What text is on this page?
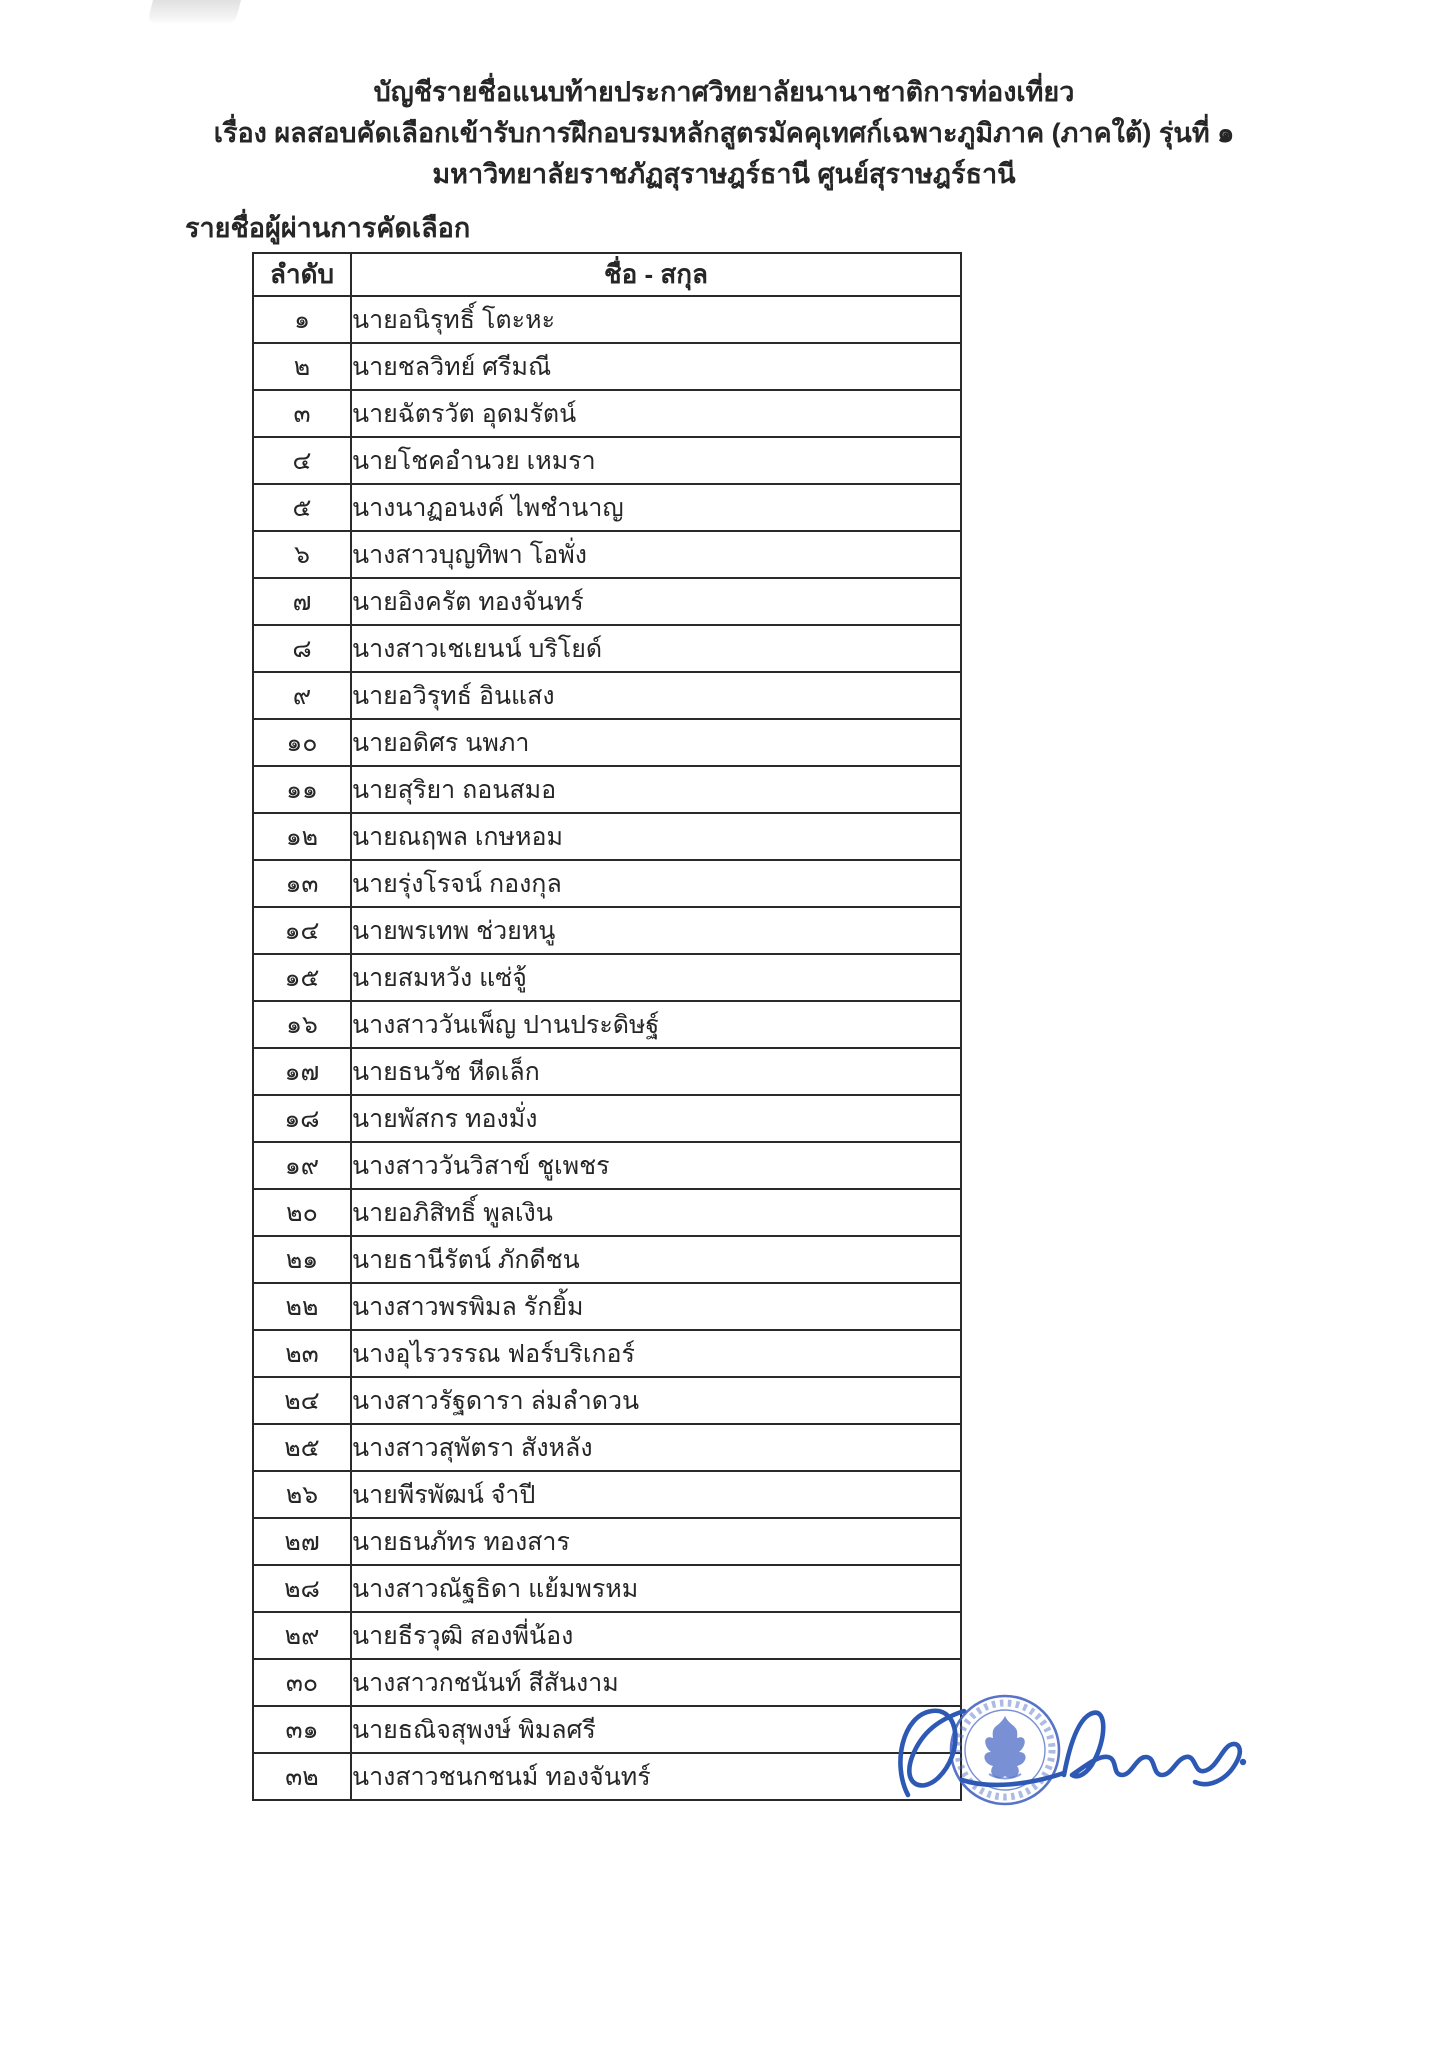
บัญชีรายชื่อแนบท้ายประกาศวิทยาลัยนานาชาติการท่องเที่ยว
เรื่อง ผลสอบคัดเลือกเข้ารับการฝึกอบรมหลักสูตรมัคคุเทศก์เฉพาะภูมิภาค (ภาคใต้) รุ่นที่ ๑
มหาวิทยาลัยราชภัฏสุราษฎร์ธานี ศูนย์สุราษฎร์ธานี
รายชื่อผู้ผ่านการคัดเลือก
ลำดับ	ชื่อ - สกุล
๑	นายอนิรุทธิ์ โตะหะ
๒	นายชลวิทย์ ศรีมณี
๓	นายฉัตรวัต อุดมรัตน์
๔	นายโชคอำนวย เหมรา
๕	นางนาฏอนงค์ ไพชำนาญ
๖	นางสาวบุญทิพา โอพั่ง
๗	นายอิงครัต ทองจันทร์
๘	นางสาวเชเยนน์ บริโยด์
๙	นายอวิรุทธ์ อินแสง
๑๐	นายอดิศร นพภา
๑๑	นายสุริยา ถอนสมอ
๑๒	นายณฤพล เกษหอม
๑๓	นายรุ่งโรจน์ กองกุล
๑๔	นายพรเทพ ช่วยหนู
๑๕	นายสมหวัง แซ่จู้
๑๖	นางสาววันเพ็ญ ปานประดิษฐ์
๑๗	นายธนวัช หีดเล็ก
๑๘	นายพัสกร ทองมั่ง
๑๙	นางสาววันวิสาข์ ชูเพชร
๒๐	นายอภิสิทธิ์ พูลเงิน
๒๑	นายธานีรัตน์ ภักดีชน
๒๒	นางสาวพรพิมล รักยิ้ม
๒๓	นางอุไรวรรณ ฟอร์บริเกอร์
๒๔	นางสาวรัฐดารา ล่มลำดวน
๒๕	นางสาวสุพัตรา สังหลัง
๒๖	นายพีรพัฒน์ จำปี
๒๗	นายธนภัทร ทองสาร
๒๘	นางสาวณัฐธิดา แย้มพรหม
๒๙	นายธีรวุฒิ สองพี่น้อง
๓๐	นางสาวกชนันท์ สีสันงาม
๓๑	นายธณิจสุพงษ์ พิมลศรี
๓๒	นางสาวชนกชนม์ ทองจันทร์
